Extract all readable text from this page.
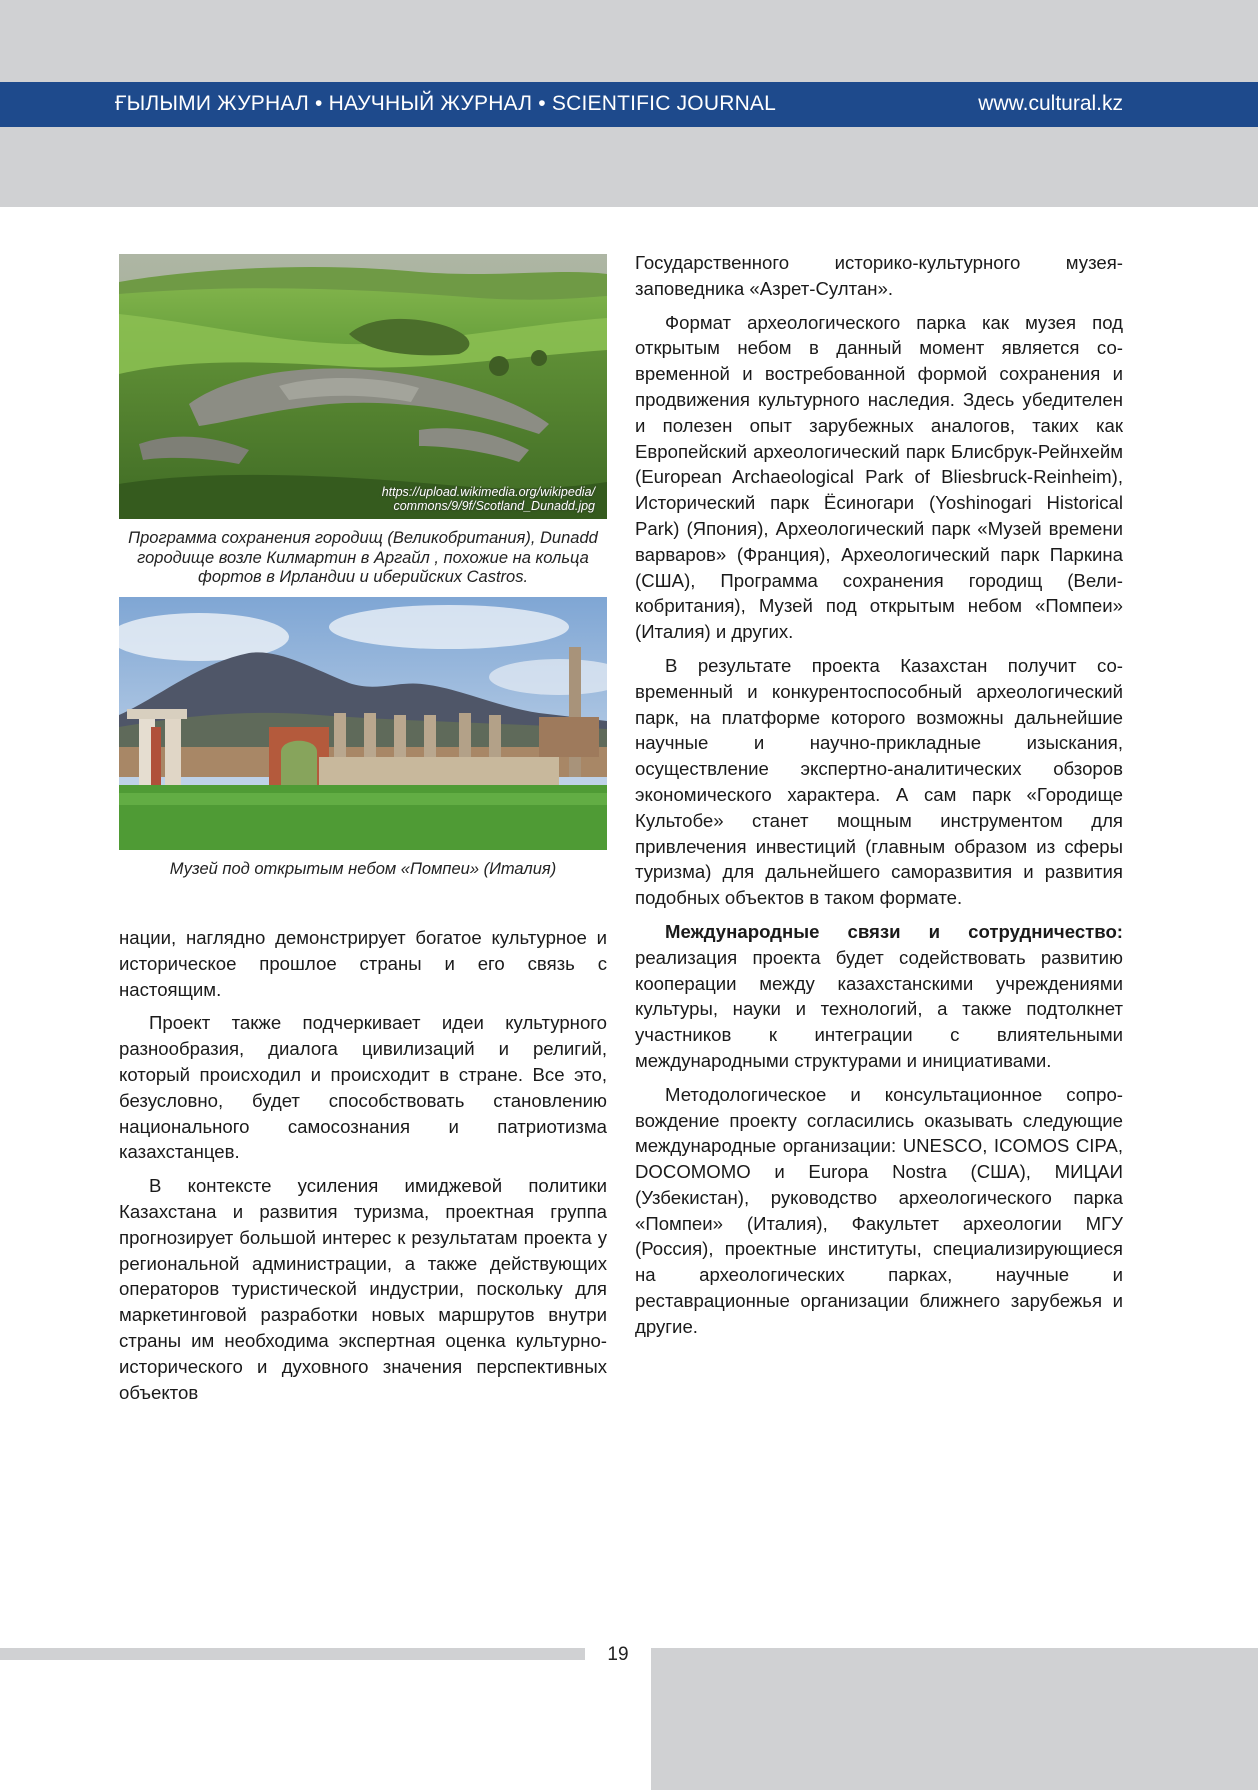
ҒЫЛЫМИ ЖУРНАЛ • НАУЧНЫЙ ЖУРНАЛ • SCIENTIFIC JOURNAL	www.cultural.kz
https://upload.wikimedia.org/wikipedia/
commons/9/9f/Scotland_Dunadd.jpg
Программа сохранения городищ (Великобритания), Dunadd городище возле Килмартин в Аргайл , похожие на кольца фортов в Ирландии и иберийских Castros.
Музей под открытым небом «Помпеи» (Италия)

нации, наглядно демонстрирует богатое культурное и историческое прошлое страны и его связь с настоящим.

Проект также подчеркивает идеи культурного разнообразия, диалога цивилизаций и религий, который происходил и происходит в стране. Все это, безусловно, будет способствовать становлению национального самосознания и патриотизма казахстанцев.

В контексте усиления имиджевой политики Казахстана и развития туризма, проектная группа прогнозирует большой интерес к результатам проекта у региональной администрации, а также действующих операторов туристической индустрии, поскольку для маркетинговой разработки новых маршрутов внутри страны им необходима экспертная оценка культурно-исторического и духовного значения перспективных объектов

Государственного историко-культурного музея-заповедника «Азрет-Султан».

Формат археологического парка как музея под открытым небом в данный момент является современной и востребованной формой сохранения и продвижения культурного наследия. Здесь убедителен и полезен опыт зарубежных аналогов, таких как Европейский археологический парк Блисбрук-Рейнхейм (European Archaeological Park of Bliesbruck-Reinheim), Исторический парк Ёсиногари (Yoshinogari Historical Park) (Япония), Археологический парк «Музей времени варваров» (Франция), Археологический парк Паркина (США), Программа сохранения городищ (Великобритания), Музей под открытым небом «Помпеи» (Италия) и других.

В результате проекта Казахстан получит современный и конкурентоспособный археологический парк, на платформе которого возможны дальнейшие научные и научно-прикладные изыскания, осуществление экспертно-аналитических обзоров экономического характера. А сам парк «Городище Культобе» станет мощным инструментом для привлечения инвестиций (главным образом из сферы туризма) для дальнейшего саморазвития и развития подобных объектов в таком формате.

Международные связи и сотрудничество: реализация проекта будет содействовать развитию кооперации между казахстанскими учреждениями культуры, науки и технологий, а также подтолкнет участников к интеграции с влиятельными международными структурами и инициативами.

Методологическое и консультационное сопровождение проекту согласились оказывать следующие международные организации: UNESCO, ICOMOS CIPA, DOCOMOMO и Europa Nostra (США), МИЦАИ (Узбекистан), руководство археологического парка «Помпеи» (Италия), Факультет археологии МГУ (Россия), проектные институты, специализирующиеся на археологических парках, научные и реставрационные организации ближнего зарубежья и другие.

19
